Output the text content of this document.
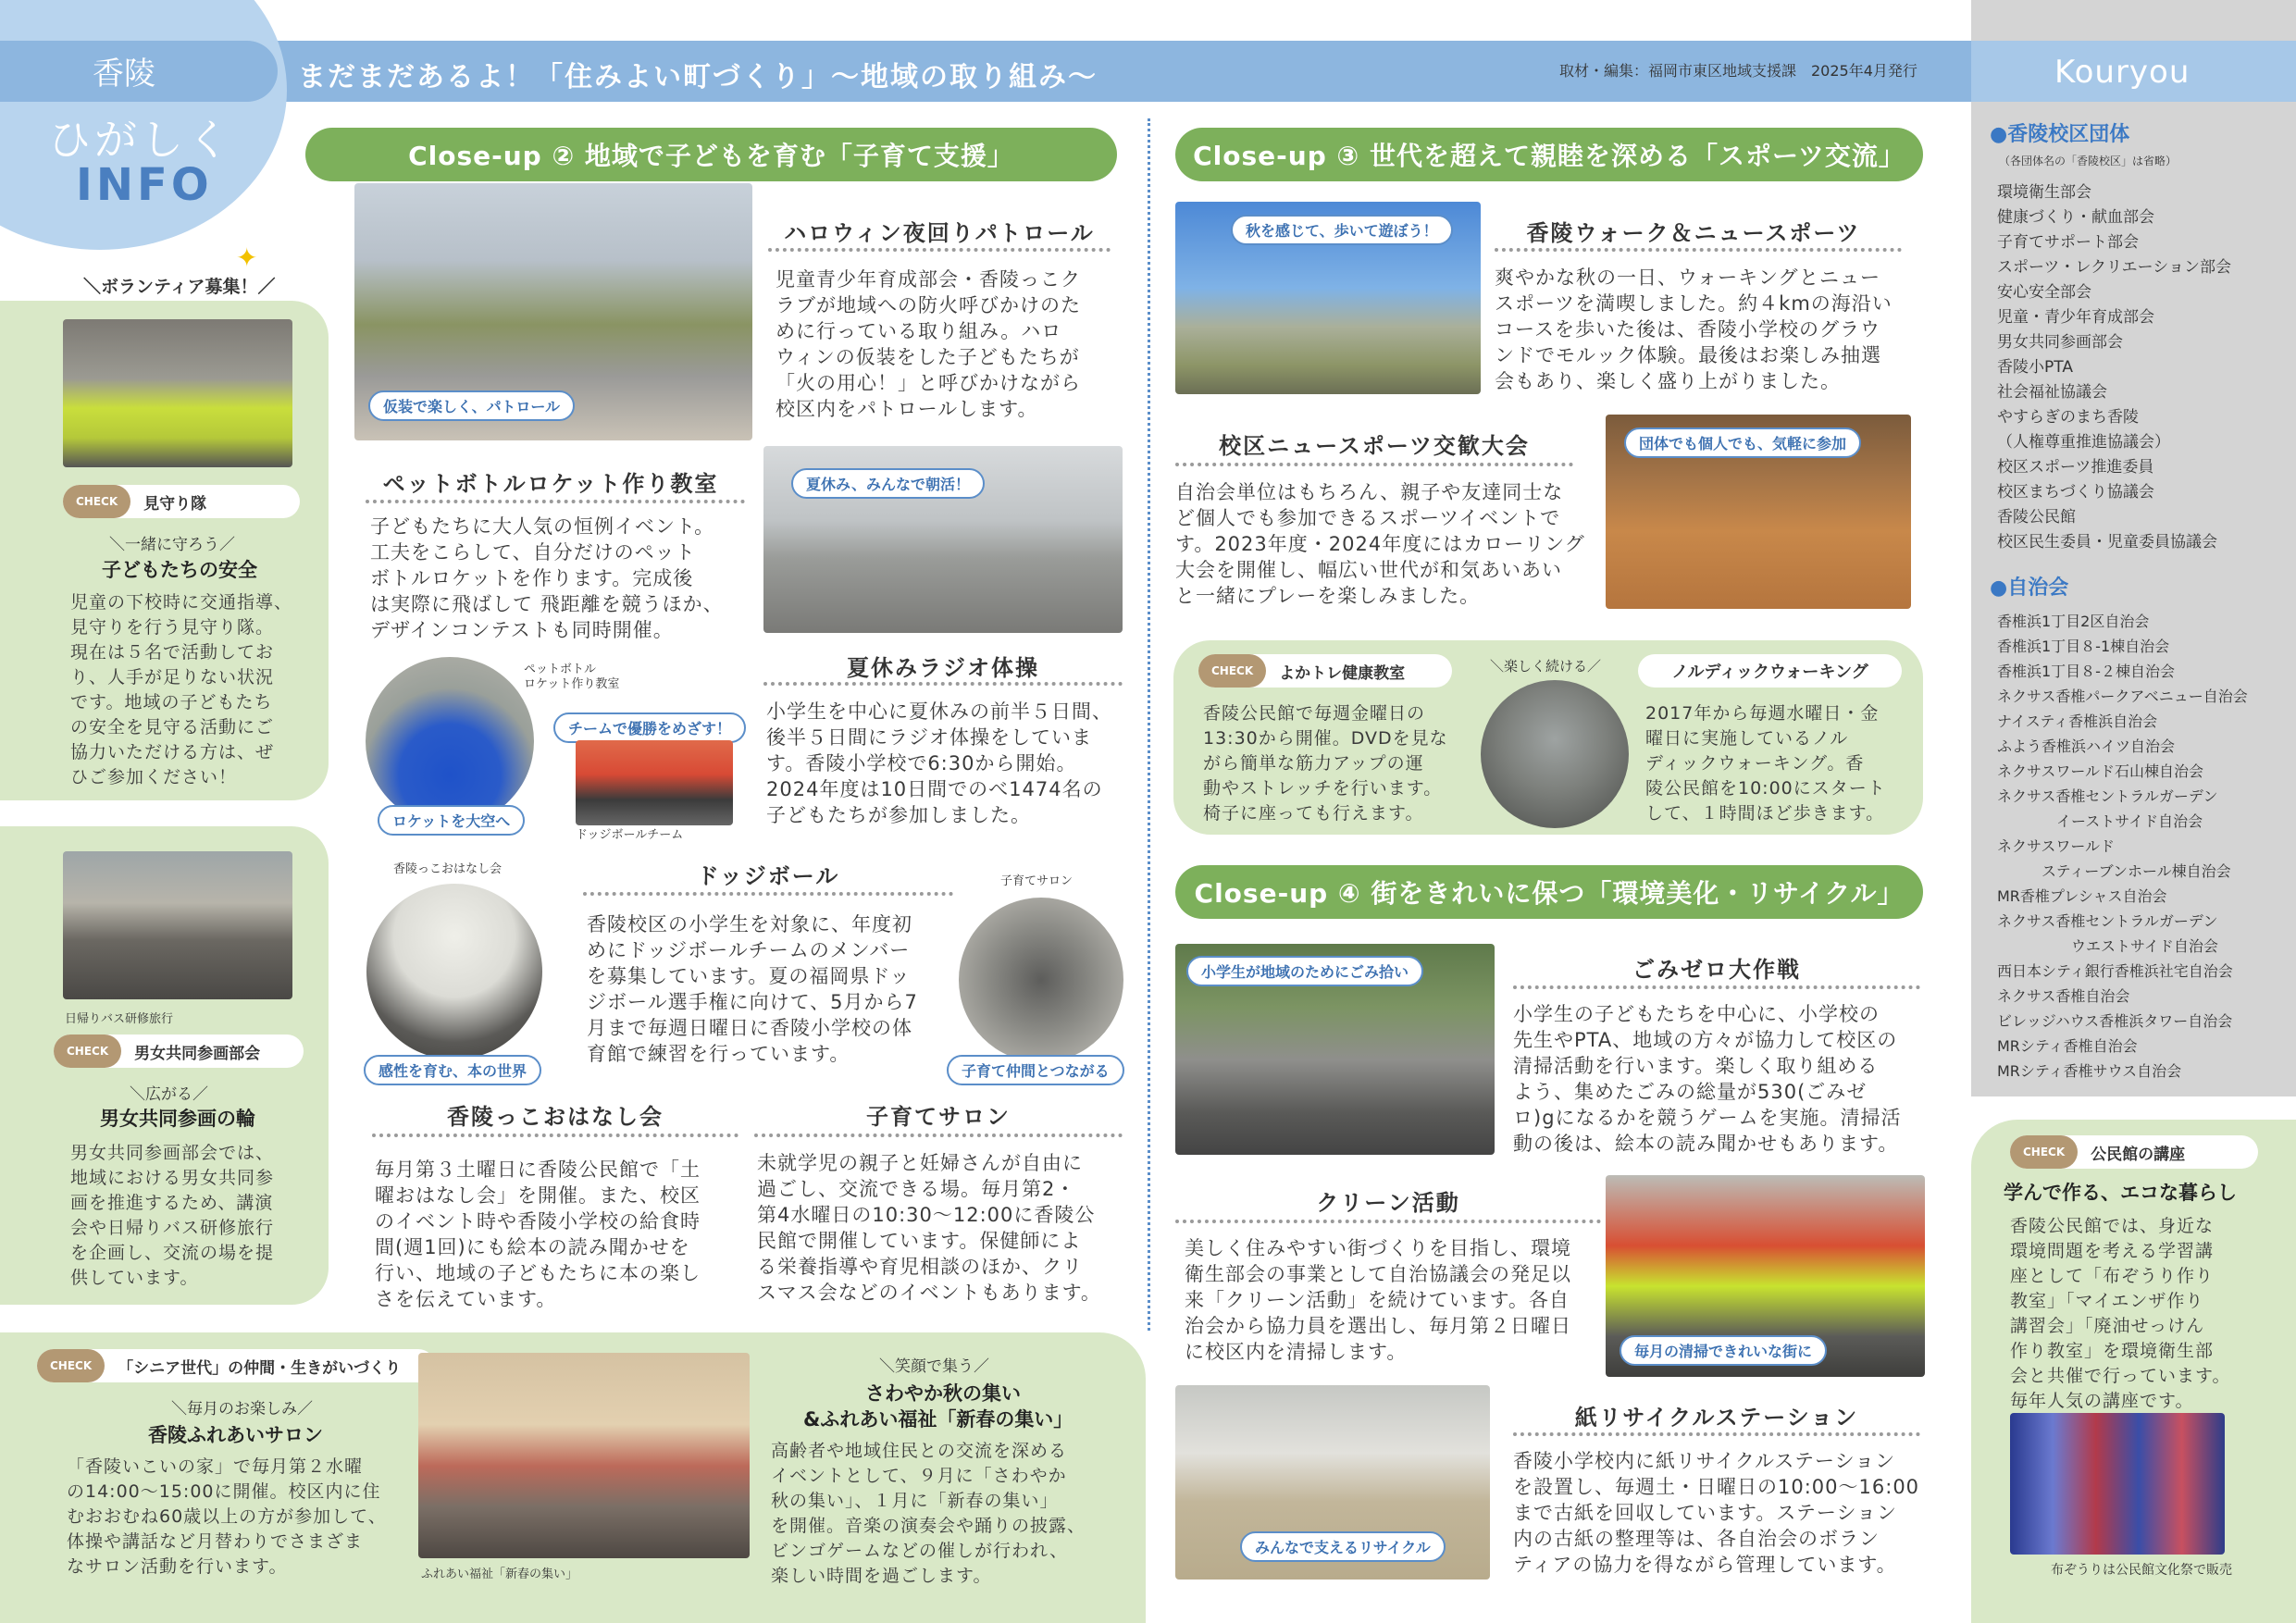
香陵
ひがしく
INFO
まだまだあるよ！「住みよい町づくり」〜地域の取り組み〜	取材・編集：福岡市東区地域支援課　2025年4月発行	Kouryou
✦
＼ボランティア募集！／
CHECK	見守り隊
＼一緒に守ろう／
子どもたちの安全
児童の下校時に交通指導、
見守りを行う見守り隊。
現在は５名で活動してお
り、人手が足りない状況
です。地域の子どもたち
の安全を見守る活動にご
協力いただける方は、ぜ
ひご参加ください！
日帰りバス研修旅行
CHECK	男女共同参画部会
＼広がる／
男女共同参画の輪
男女共同参画部会では、
地域における男女共同参
画を推進するため、講演
会や日帰りバス研修旅行
を企画し、交流の場を提
供しています。
Close-up ② 地域で子どもを育む「子育て支援」
仮装で楽しく、パトロール
ハロウィン夜回りパトロール
児童青少年育成部会・香陵っこク
ラブが地域への防火呼びかけのた
めに行っている取り組み。ハロ
ウィンの仮装をした子どもたちが
「火の用心！」と呼びかけながら
校区内をパトロールします。
ペットボトルロケット作り教室
子どもたちに大人気の恒例イベント。
工夫をこらして、自分だけのペット
ボトルロケットを作ります。完成後
は実際に飛ばして 飛距離を競うほか、
デザインコンテストも同時開催。
夏休み、みんなで朝活！
夏休みラジオ体操
小学生を中心に夏休みの前半５日間、
後半５日間にラジオ体操をしていま
す。香陵小学校で6:30から開始。
2024年度は10日間でのべ1474名の
子どもたちが参加しました。
ペットボトル
ロケット作り教室
ロケットを大空へ
チームで優勝をめざす！
ドッジボールチーム
香陵っこおはなし会
感性を育む、本の世界
ドッジボール
香陵校区の小学生を対象に、年度初
めにドッジボールチームのメンバー
を募集しています。夏の福岡県ドッ
ジボール選手権に向けて、5月から7
月まで毎週日曜日に香陵小学校の体
育館で練習を行っています。
子育てサロン
子育て仲間とつながる
香陵っこおはなし会
毎月第３土曜日に香陵公民館で「土
曜おはなし会」を開催。また、校区
のイベント時や香陵小学校の給食時
間(週1回)にも絵本の読み聞かせを
行い、地域の子どもたちに本の楽し
さを伝えています。
子育てサロン
未就学児の親子と妊婦さんが自由に
過ごし、交流できる場。毎月第2・
第4水曜日の10:30〜12:00に香陵公
民館で開催しています。保健師によ
る栄養指導や育児相談のほか、クリ
スマス会などのイベントもあります。
CHECK	「シニア世代」の仲間・生きがいづくり
＼毎月のお楽しみ／
香陵ふれあいサロン
「香陵いこいの家」で毎月第２水曜
の14:00〜15:00に開催。校区内に住
むおおむね60歳以上の方が参加して、
体操や講話など月替わりでさまざま
なサロン活動を行います。	ふれあい福祉「新春の集い」
＼笑顔で集う／
さわやか秋の集い
&ふれあい福祉「新春の集い」
高齢者や地域住民との交流を深める
イベントとして、９月に「さわやか
秋の集い」、１月に「新春の集い」
を開催。音楽の演奏会や踊りの披露、
ビンゴゲームなどの催しが行われ、
楽しい時間を過ごします。
Close-up ③ 世代を超えて親睦を深める「スポーツ交流」
秋を感じて、歩いて遊ぼう！	香陵ウォーク＆ニュースポーツ
爽やかな秋の一日、ウォーキングとニュー
スポーツを満喫しました。約４kmの海沿い
コースを歩いた後は、香陵小学校のグラウ
ンドでモルック体験。最後はお楽しみ抽選
会もあり、楽しく盛り上がりました。
校区ニュースポーツ交歓大会
自治会単位はもちろん、親子や友達同士な
ど個人でも参加できるスポーツイベントで
す。2023年度・2024年度にはカローリング
大会を開催し、幅広い世代が和気あいあい
と一緒にプレーを楽しみました。
団体でも個人でも、気軽に参加
CHECK	よかトレ健康教室
香陵公民館で毎週金曜日の
13:30から開催。DVDを見な
がら簡単な筋力アップの運
動やストレッチを行います。
椅子に座っても行えます。
＼楽しく続ける／	ノルディックウォーキング
2017年から毎週水曜日・金
曜日に実施しているノル
ディックウォーキング。香
陵公民館を10:00にスタート
して、１時間ほど歩きます。
Close-up ④ 街をきれいに保つ「環境美化・リサイクル」
小学生が地域のためにごみ拾い	ごみゼロ大作戦
小学生の子どもたちを中心に、小学校の
先生やPTA、地域の方々が協力して校区の
清掃活動を行います。楽しく取り組める
よう、集めたごみの総量が530(ごみゼ
ロ)gになるかを競うゲームを実施。清掃活
動の後は、絵本の読み聞かせもあります。
クリーン活動
美しく住みやすい街づくりを目指し、環境
衛生部会の事業として自治協議会の発足以
来「クリーン活動」を続けています。各自
治会から協力員を選出し、毎月第２日曜日
に校区内を清掃します。	毎月の清掃できれいな街に
みんなで支えるリサイクル
紙リサイクルステーション
香陵小学校内に紙リサイクルステーション
を設置し、毎週土・日曜日の10:00〜16:00
まで古紙を回収しています。ステーション
内の古紙の整理等は、各自治会のボラン
ティアの協力を得ながら管理しています。
●香陵校区団体
（各団体名の「香陵校区」は省略）
環境衛生部会
健康づくり・献血部会
子育てサポート部会
スポーツ・レクリエーション部会
安心安全部会
児童・青少年育成部会
男女共同参画部会
香陵小PTA
社会福祉協議会
やすらぎのまち香陵
（人権尊重推進協議会）
校区スポーツ推進委員
校区まちづくり協議会
香陵公民館
校区民生委員・児童委員協議会
●自治会
香椎浜1丁目2区自治会
香椎浜1丁目８-1棟自治会
香椎浜1丁目８-２棟自治会
ネクサス香椎パークアベニュー自治会
ナイスティ香椎浜自治会
ふよう香椎浜ハイツ自治会
ネクサスワールド石山棟自治会
ネクサス香椎セントラルガーデン
　　　　イーストサイド自治会
ネクサスワールド
　　　スティーブンホール棟自治会
MR香椎プレシャス自治会
ネクサス香椎セントラルガーデン
　　　　　ウエストサイド自治会
西日本シティ銀行香椎浜社宅自治会
ネクサス香椎自治会
ビレッジハウス香椎浜タワー自治会
MRシティ香椎自治会
MRシティ香椎サウス自治会
CHECK	公民館の講座
学んで作る、エコな暮らし
香陵公民館では、身近な
環境問題を考える学習講
座として「布ぞうり作り
教室」「マイエンザ作り
講習会」「廃油せっけん
作り教室」を環境衛生部
会と共催で行っています。
毎年人気の講座です。
布ぞうりは公民館文化祭で販売
